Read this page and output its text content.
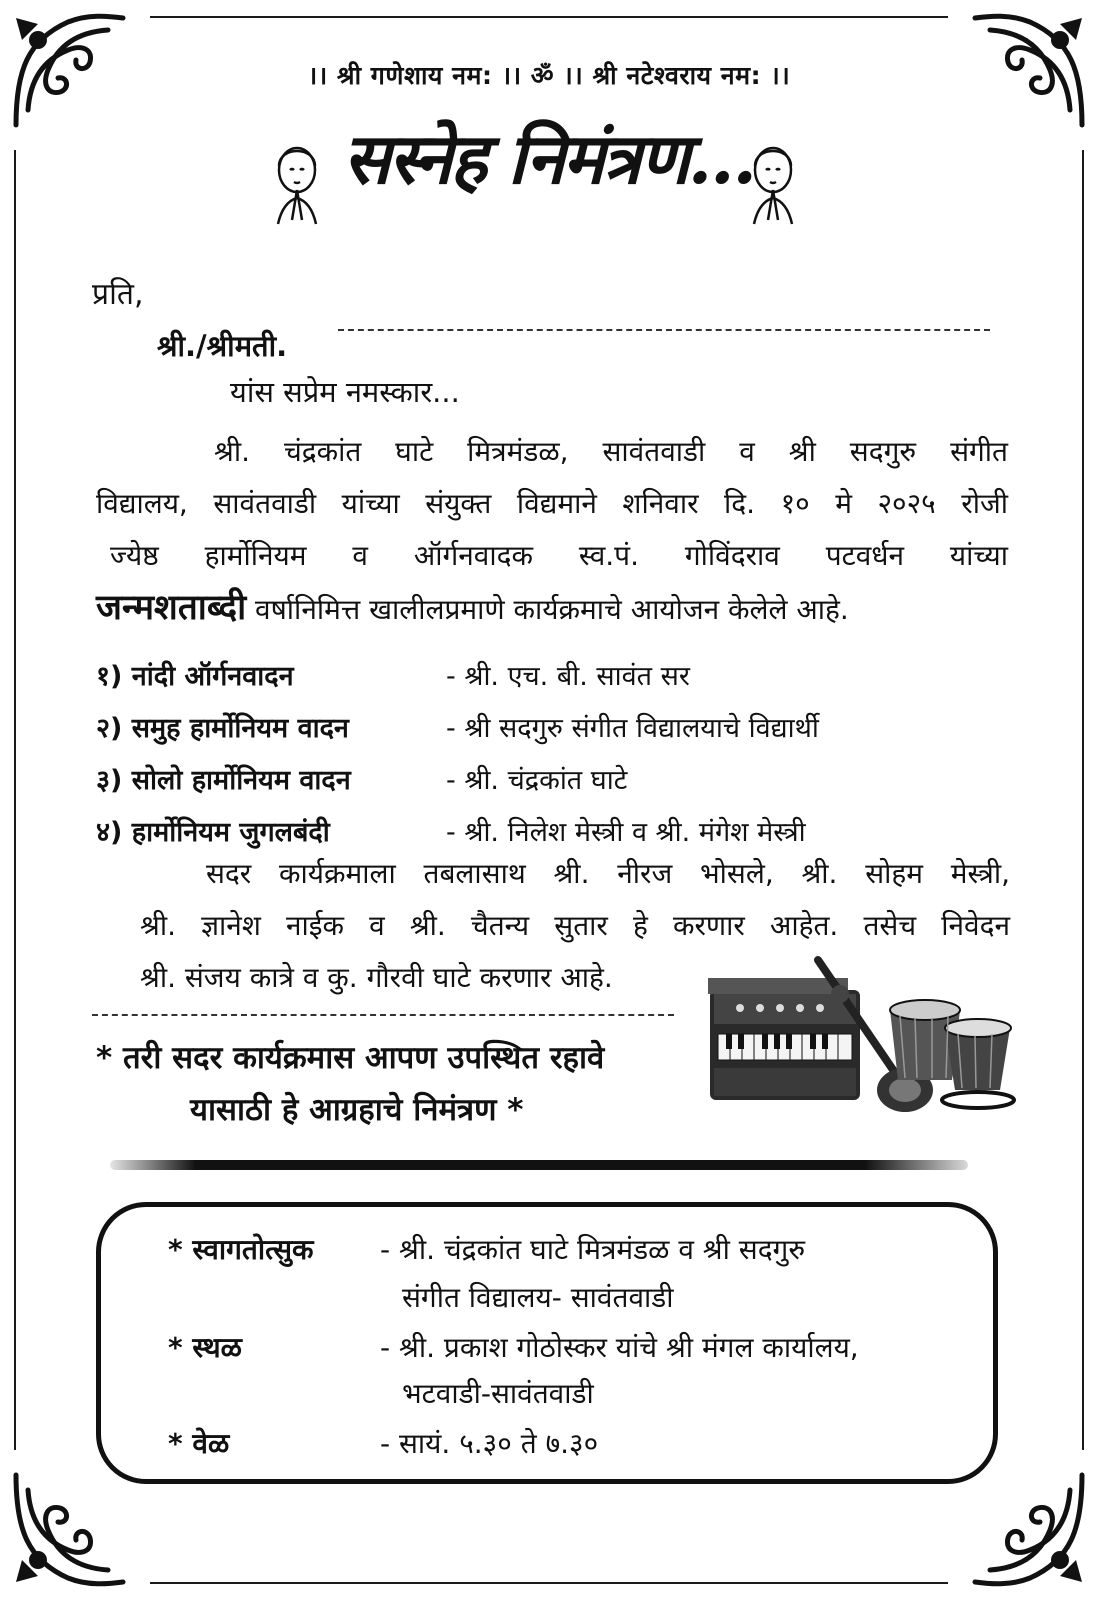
।। श्री गणेशाय नम: ।। ॐ ।। श्री नटेश्वराय नम: ।।
सस्नेह निमंत्रण...
प्रति,
श्री./श्रीमती.
यांस सप्रेम नमस्कार...
श्री. चंद्रकांत घाटे मित्रमंडळ, सावंतवाडी व श्री सदगुरु संगीत
विद्यालय, सावंतवाडी यांच्या संयुक्त विद्यमाने शनिवार दि. १० मे २०२५ रोजी
ज्येष्ठ हार्मोनियम व ऑर्गनवादक स्व.पं. गोविंदराव पटवर्धन यांच्या
जन्मशताब्दी वर्षानिमित्त खालीलप्रमाणे कार्यक्रमाचे आयोजन केलेले आहे.
१) नांदी ऑर्गनवादन	- श्री. एच. बी. सावंत सर
२) समुह हार्मोनियम वादन	- श्री सदगुरु संगीत विद्यालयाचे विद्यार्थी
३) सोलो हार्मोनियम वादन	- श्री. चंद्रकांत घाटे
४) हार्मोनियम जुगलबंदी	- श्री. निलेश मेस्त्री व श्री. मंगेश मेस्त्री
सदर कार्यक्रमाला तबलासाथ श्री. नीरज भोसले, श्री. सोहम मेस्त्री,
श्री. ज्ञानेश नाईक व श्री. चैतन्य सुतार हे करणार आहेत. तसेच निवेदन
श्री. संजय कात्रे व कु. गौरवी घाटे करणार आहे.
* तरी सदर कार्यक्रमास आपण उपस्थित रहावे
यासाठी हे आग्रहाचे निमंत्रण *
* स्वागतोत्सुक - श्री. चंद्रकांत घाटे मित्रमंडळ व श्री सदगुरु
संगीत विद्यालय- सावंतवाडी
* स्थळ	- श्री. प्रकाश गोठोस्कर यांचे श्री मंगल कार्यालय,
भटवाडी-सावंतवाडी
* वेळ	- सायं. ५.३० ते ७.३०
